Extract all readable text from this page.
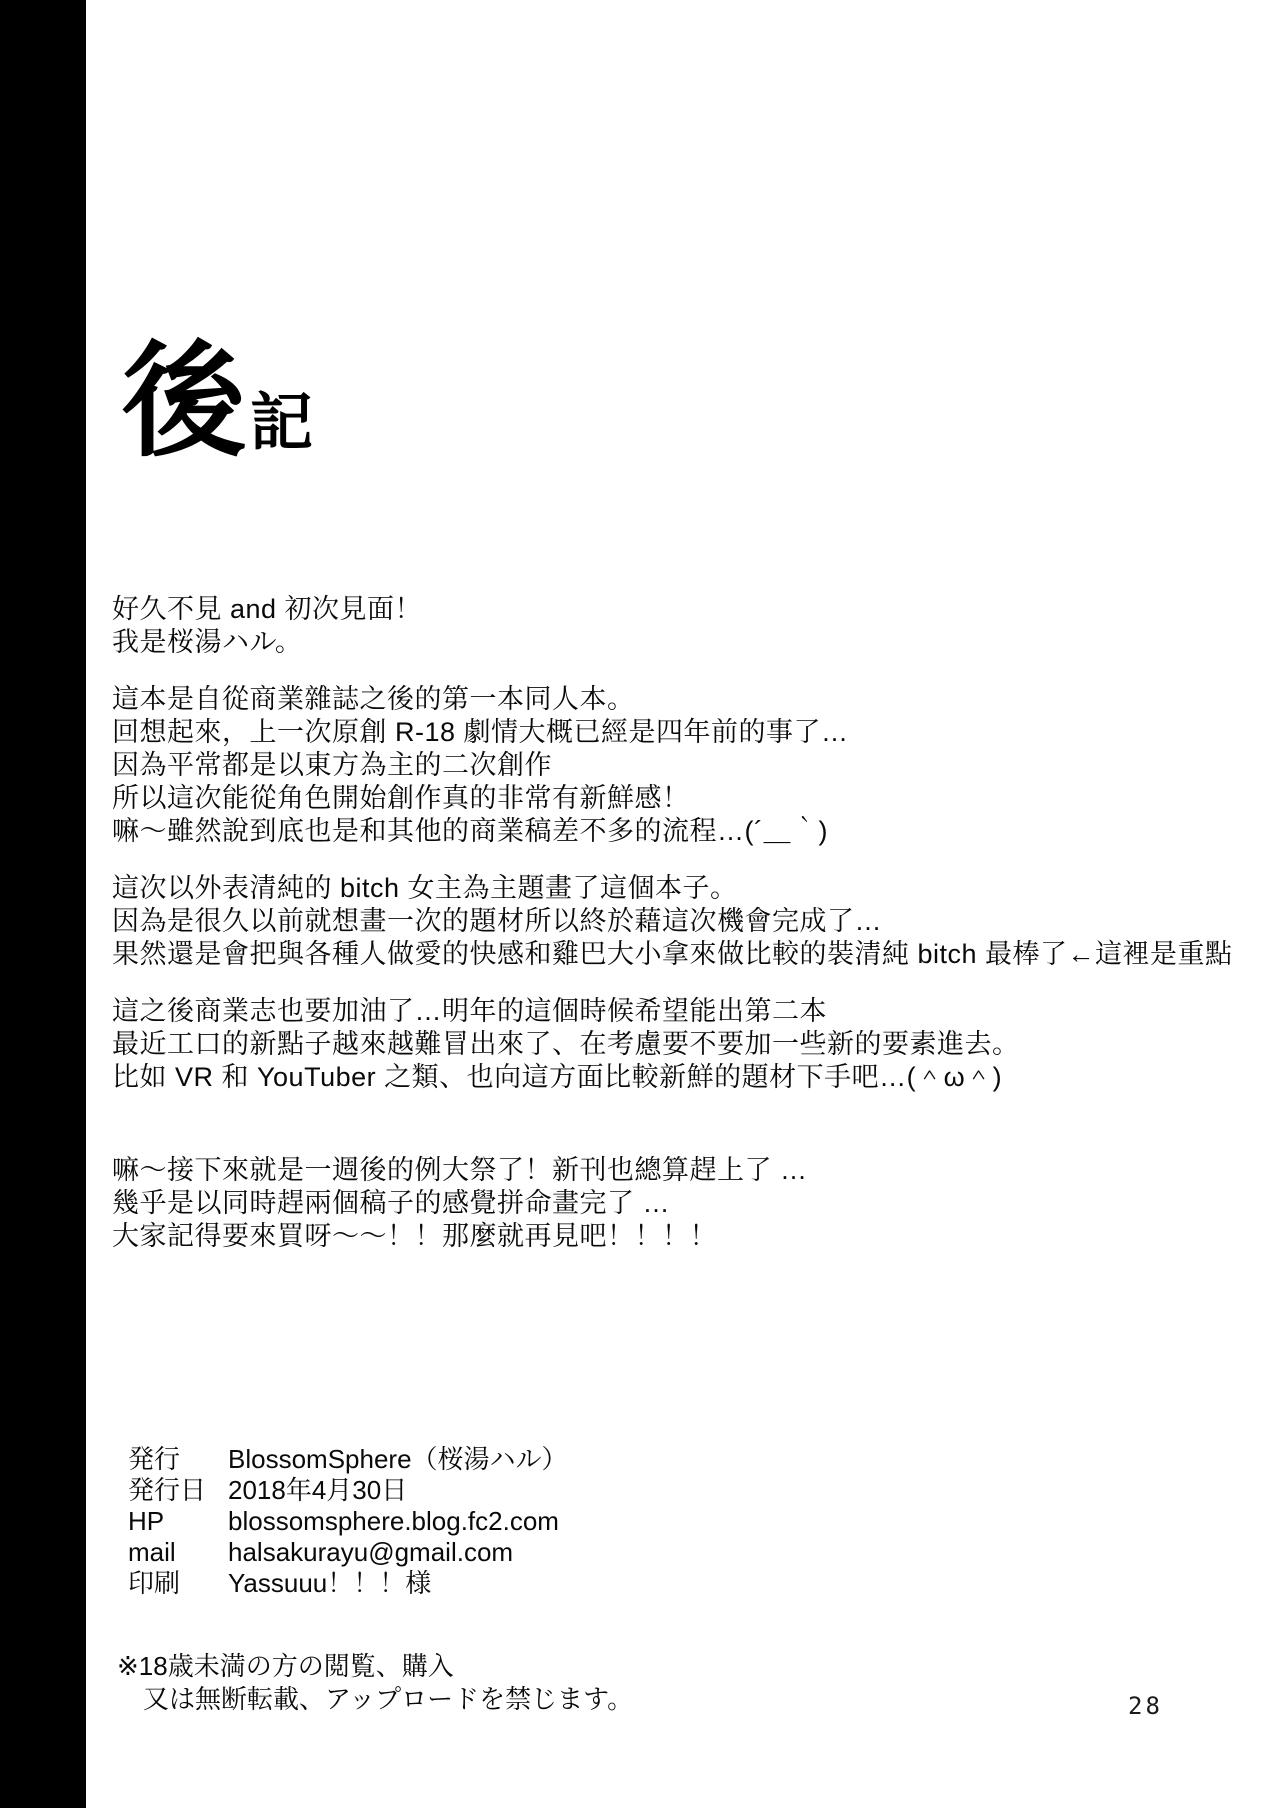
後記
好久不見 and 初次見面！
我是桜湯ハル。
這本是自從商業雜誌之後的第一本同人本。
回想起來，上一次原創 R-18 劇情大概已經是四年前的事了…
因為平常都是以東方為主的二次創作
所以這次能從角色開始創作真的非常有新鮮感！
嘛～雖然說到底也是和其他的商業稿差不多的流程…(´＿｀)
這次以外表清純的 bitch 女主為主題畫了這個本子。
因為是很久以前就想畫一次的題材所以終於藉這次機會完成了…
果然還是會把與各種人做愛的快感和雞巴大小拿來做比較的裝清純 bitch 最棒了←這裡是重點
這之後商業志也要加油了…明年的這個時候希望能出第二本
最近工口的新點子越來越難冒出來了、在考慮要不要加一些新的要素進去。
比如 VR 和 YouTuber 之類、也向這方面比較新鮮的題材下手吧…(＾ω＾)
嘛～接下來就是一週後的例大祭了！新刊也總算趕上了 …
幾乎是以同時趕兩個稿子的感覺拼命畫完了 …
大家記得要來買呀～～！！那麼就再見吧！！！！
発行	BlossomSphere（桜湯ハル）
発行日 2018年4月30日
HP	blossomsphere.blog.fc2.com
mail	halsakurayu@gmail.com
印刷	Yassuuu！！！様
※18歳未満の方の閲覧、購入
又は無断転載、アップロードを禁じます。	28
